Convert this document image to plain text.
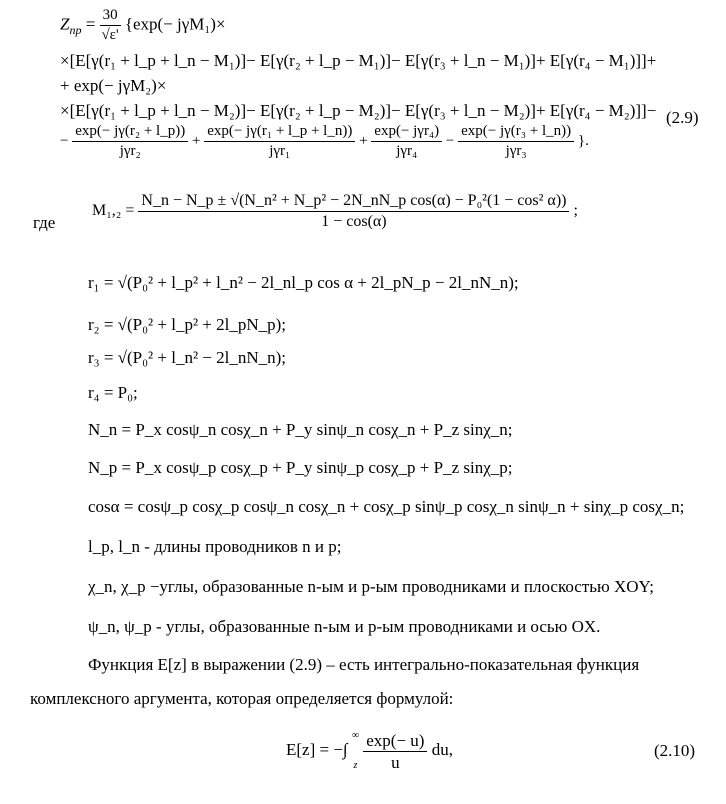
$Z_{np} = \frac{30}{√\varepsilon'} \{\exp(- j\gamma M_1)\times$
×[E[γ(r₁ + l_p + l_n − M₁)]− E[γ(r₂ + l_p − M₁)]− E[γ(r₃ + l_n − M₁)]+ E[γ(r₄ − M₁)]]+
+ exp(− jγM₂)×
×[E[γ(r₁ + l_p + l_n − M₂)]− E[γ(r₂ + l_p − M₂)]− E[γ(r₃ + l_n − M₂)]+ E[γ(r₄ − M₂)]]− (2.9)
− $\frac{\text{exp(− jγ(r₂ + l\_p))}}{\text{jγr₂}} + \frac{\text{exp(− jγ(r₁ + l\_p + l\_n))}}{\text{jγr₁}} + \frac{\text{exp(− jγr₄)}}{\text{jγr₄}} - \frac{\text{exp(− jγ(r₃ + l\_n))}}{\text{jγr₃}}$ }.
где
M₁,₂ =
N_n − N_p ± √(N_n² + N_p² − 2N_nN_p cos(α) − P₀²(1 − cos² α))
1 − cos(α)
;
r₁ = √(P₀² + l_p² + l_n² − 2l_nl_p cos α + 2l_pN_p − 2l_nN_n);
r₂ = √(P₀² + l_p² + 2l_pN_p);
r₃ = √(P₀² + l_n² − 2l_nN_n);
r₄ = P₀;
N_n = P_x cosψ_n cosχ_n + P_y sinψ_n cosχ_n + P_z sinχ_n;
N_p = P_x cosψ_p cosχ_p + P_y sinψ_p cosχ_p + P_z sinχ_p;
cosα = cosψ_p cosχ_p cosψ_n cosχ_n + cosχ_p sinψ_p cosχ_n sinψ_n + sinχ_p cosχ_n;
l_p, l_n - длины проводников n и p;
χ_n, χ_p −углы, образованные n-ым и p-ым проводниками и плоскостью XOY;
ψ_n, ψ_p - углы, образованные n-ым и p-ым проводниками и осью OX.
Функция E[z] в выражении (2.9) – есть интегрально-показательная функция
комплексного аргумента, которая определяется формулой:
E[z] = −∫
∞
z
$\frac{\exp(- u)}{u}$ du,	(2.10)
